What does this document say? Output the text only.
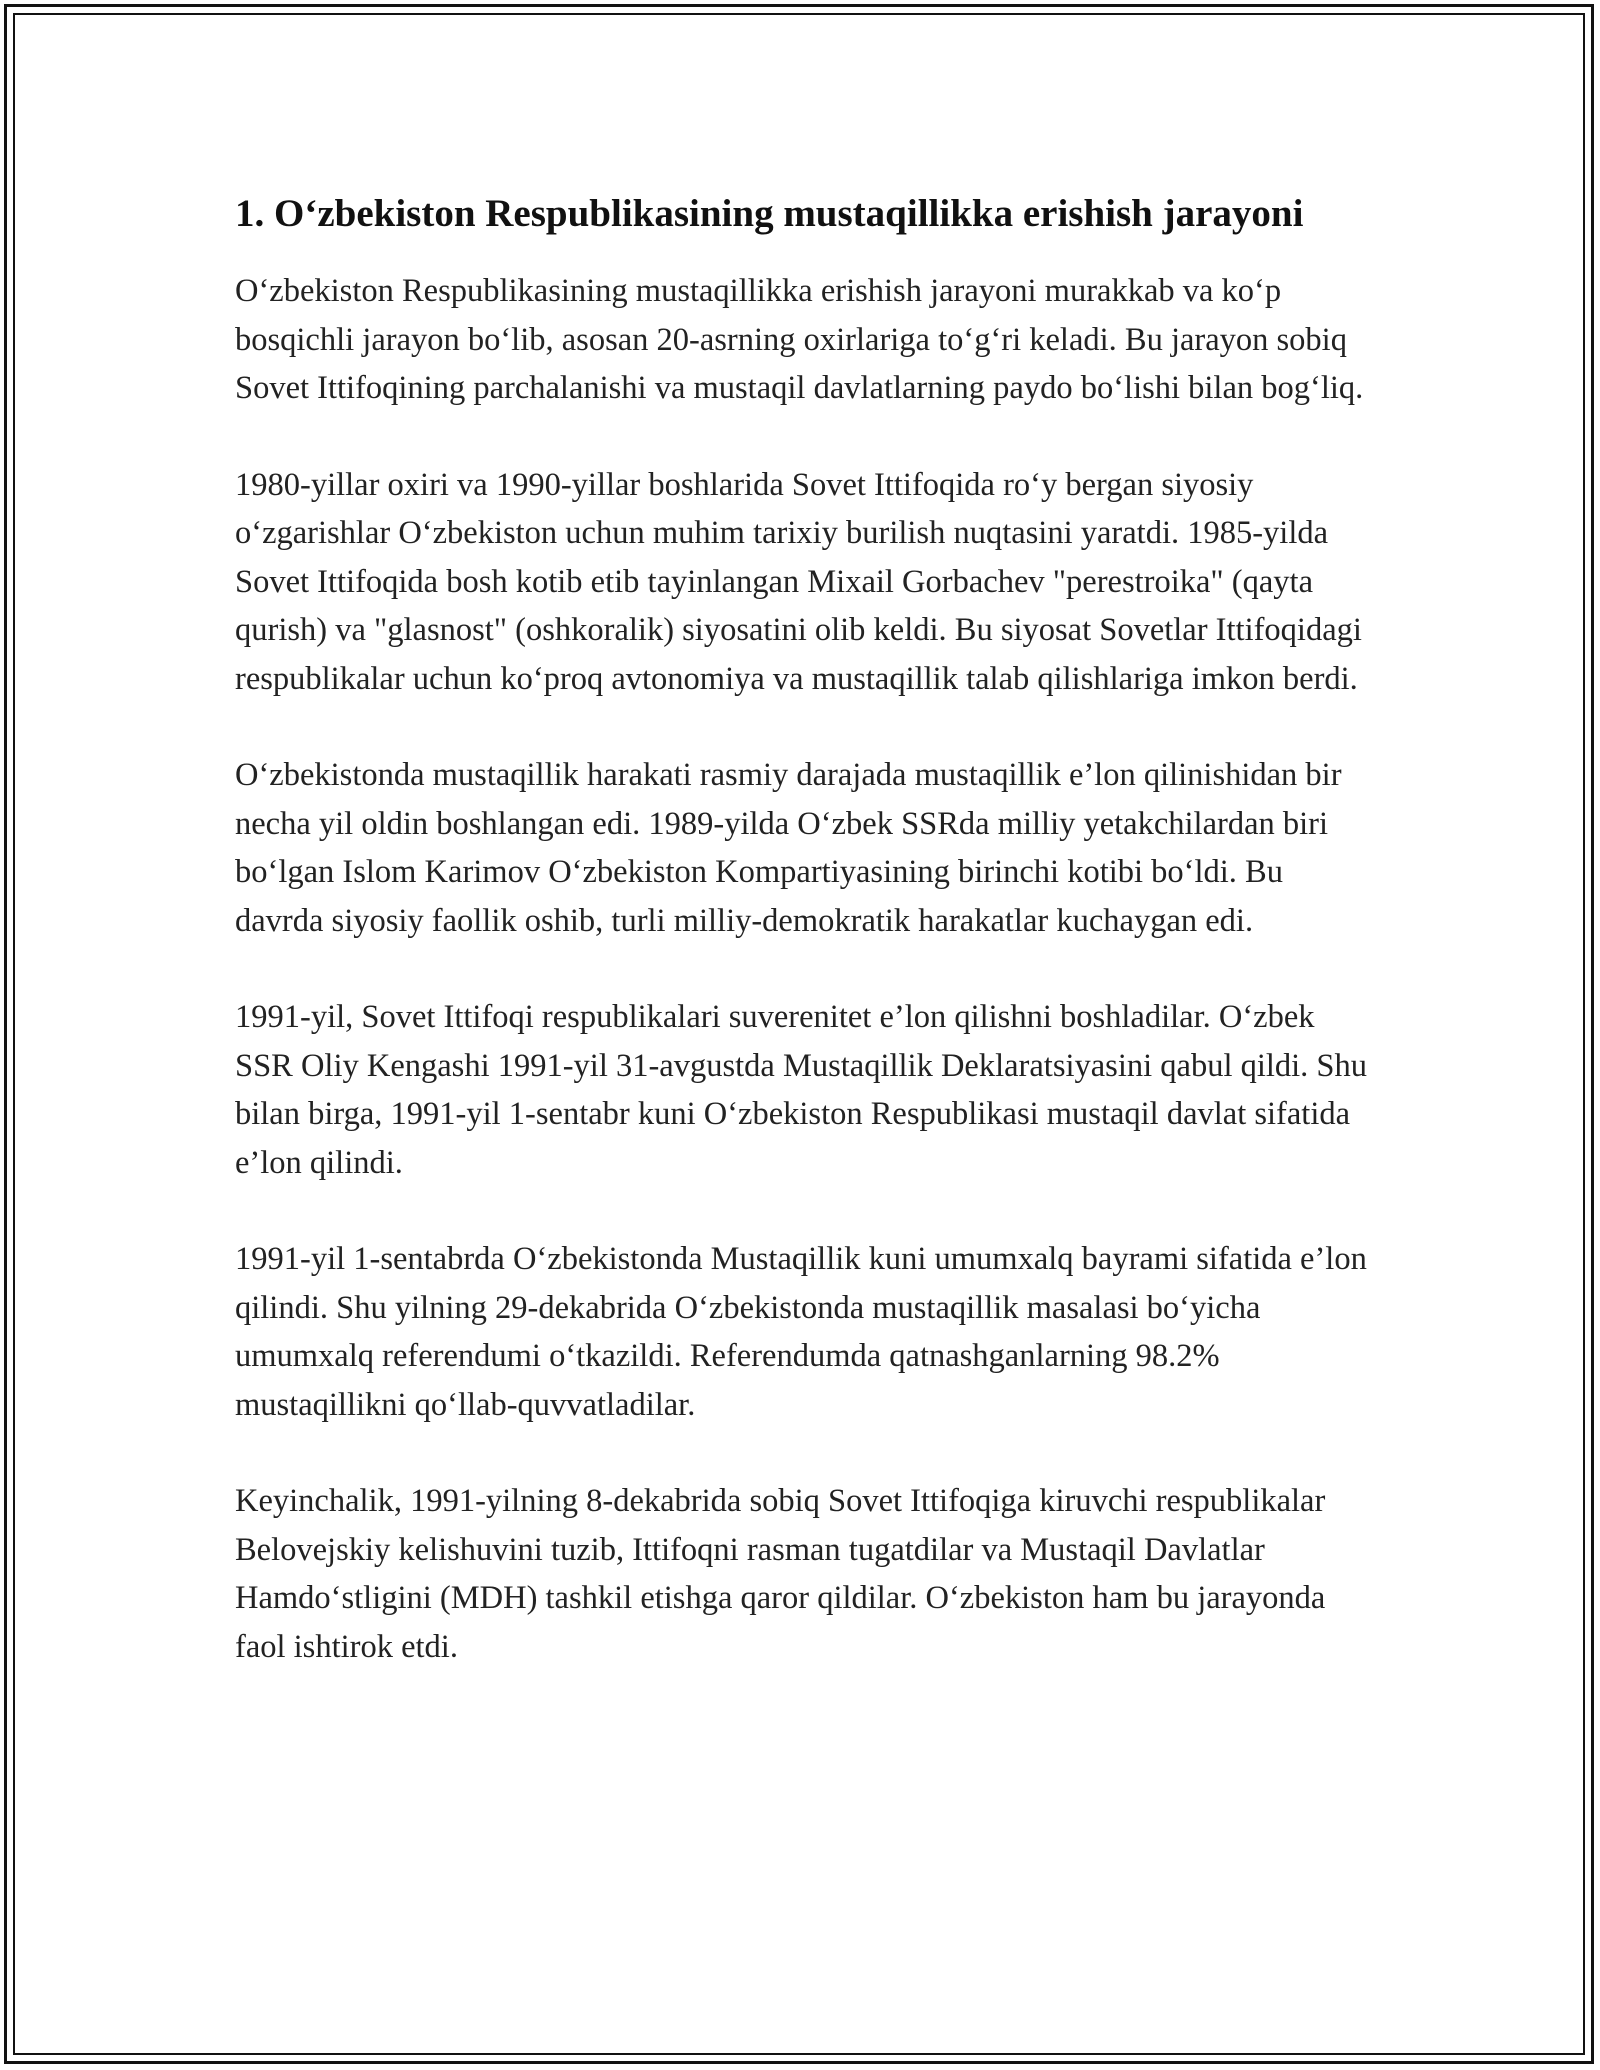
1. Oʻzbekiston Respublikasining mustaqillikka erishish jarayoni

Oʻzbekiston Respublikasining mustaqillikka erishish jarayoni murakkab va koʻp bosqichli jarayon boʻlib, asosan 20-asrning oxirlariga toʻgʻri keladi. Bu jarayon sobiq Sovet Ittifoqining parchalanishi va mustaqil davlatlarning paydo boʻlishi bilan bogʻliq.

1980-yillar oxiri va 1990-yillar boshlarida Sovet Ittifoqida roʻy bergan siyosiy oʻzgarishlar Oʻzbekiston uchun muhim tarixiy burilish nuqtasini yaratdi. 1985-yilda Sovet Ittifoqida bosh kotib etib tayinlangan Mixail Gorbachev "perestroika" (qayta qurish) va "glasnost" (oshkoralik) siyosatini olib keldi. Bu siyosat Sovetlar Ittifoqidagi respublikalar uchun koʻproq avtonomiya va mustaqillik talab qilishlariga imkon berdi.

Oʻzbekistonda mustaqillik harakati rasmiy darajada mustaqillik e’lon qilinishidan bir necha yil oldin boshlangan edi. 1989-yilda Oʻzbek SSRda milliy yetakchilardan biri boʻlgan Islom Karimov Oʻzbekiston Kompartiyasining birinchi kotibi boʻldi. Bu davrda siyosiy faollik oshib, turli milliy-demokratik harakatlar kuchaygan edi.

1991-yil, Sovet Ittifoqi respublikalari suverenitet e’lon qilishni boshladilar. Oʻzbek SSR Oliy Kengashi 1991-yil 31-avgustda Mustaqillik Deklaratsiyasini qabul qildi. Shu bilan birga, 1991-yil 1-sentabr kuni Oʻzbekiston Respublikasi mustaqil davlat sifatida e’lon qilindi.

1991-yil 1-sentabrda Oʻzbekistonda Mustaqillik kuni umumxalq bayrami sifatida e’lon qilindi. Shu yilning 29-dekabrida Oʻzbekistonda mustaqillik masalasi boʻyicha umumxalq referendumi oʻtkazildi. Referendumda qatnashganlarning 98.2% mustaqillikni qoʻllab-quvvatladilar.

Keyinchalik, 1991-yilning 8-dekabrida sobiq Sovet Ittifoqiga kiruvchi respublikalar Belovejskiy kelishuvini tuzib, Ittifoqni rasman tugatdilar va Mustaqil Davlatlar Hamdoʻstligini (MDH) tashkil etishga qaror qildilar. Oʻzbekiston ham bu jarayonda faol ishtirok etdi.
